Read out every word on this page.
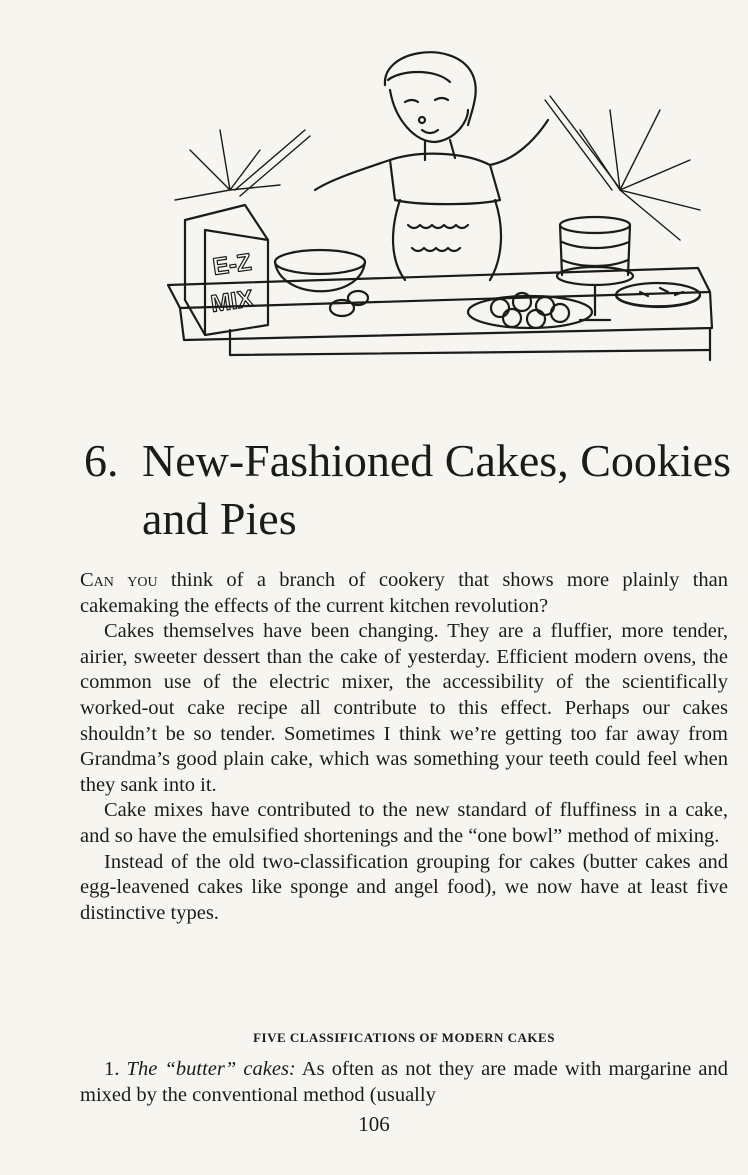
E-Z
MIX
6. New-Fashioned Cakes, Cookies
and Pies

Can you think of a branch of cookery that shows more plainly than cakemaking the effects of the current kitchen revolution?

Cakes themselves have been changing. They are a fluffier, more tender, airier, sweeter dessert than the cake of yesterday. Efficient modern ovens, the common use of the electric mixer, the accessibility of the scientifically worked-out cake recipe all contribute to this effect. Perhaps our cakes shouldn’t be so tender. Sometimes I think we’re getting too far away from Grandma’s good plain cake, which was something your teeth could feel when they sank into it.

Cake mixes have contributed to the new standard of fluffiness in a cake, and so have the emulsified shortenings and the “one bowl” method of mixing.

Instead of the old two-classification grouping for cakes (butter cakes and egg-leavened cakes like sponge and angel food), we now have at least five distinctive types.

FIVE CLASSIFICATIONS OF MODERN CAKES

1. The “butter” cakes: As often as not they are made with margarine and mixed by the conventional method (usually

106
